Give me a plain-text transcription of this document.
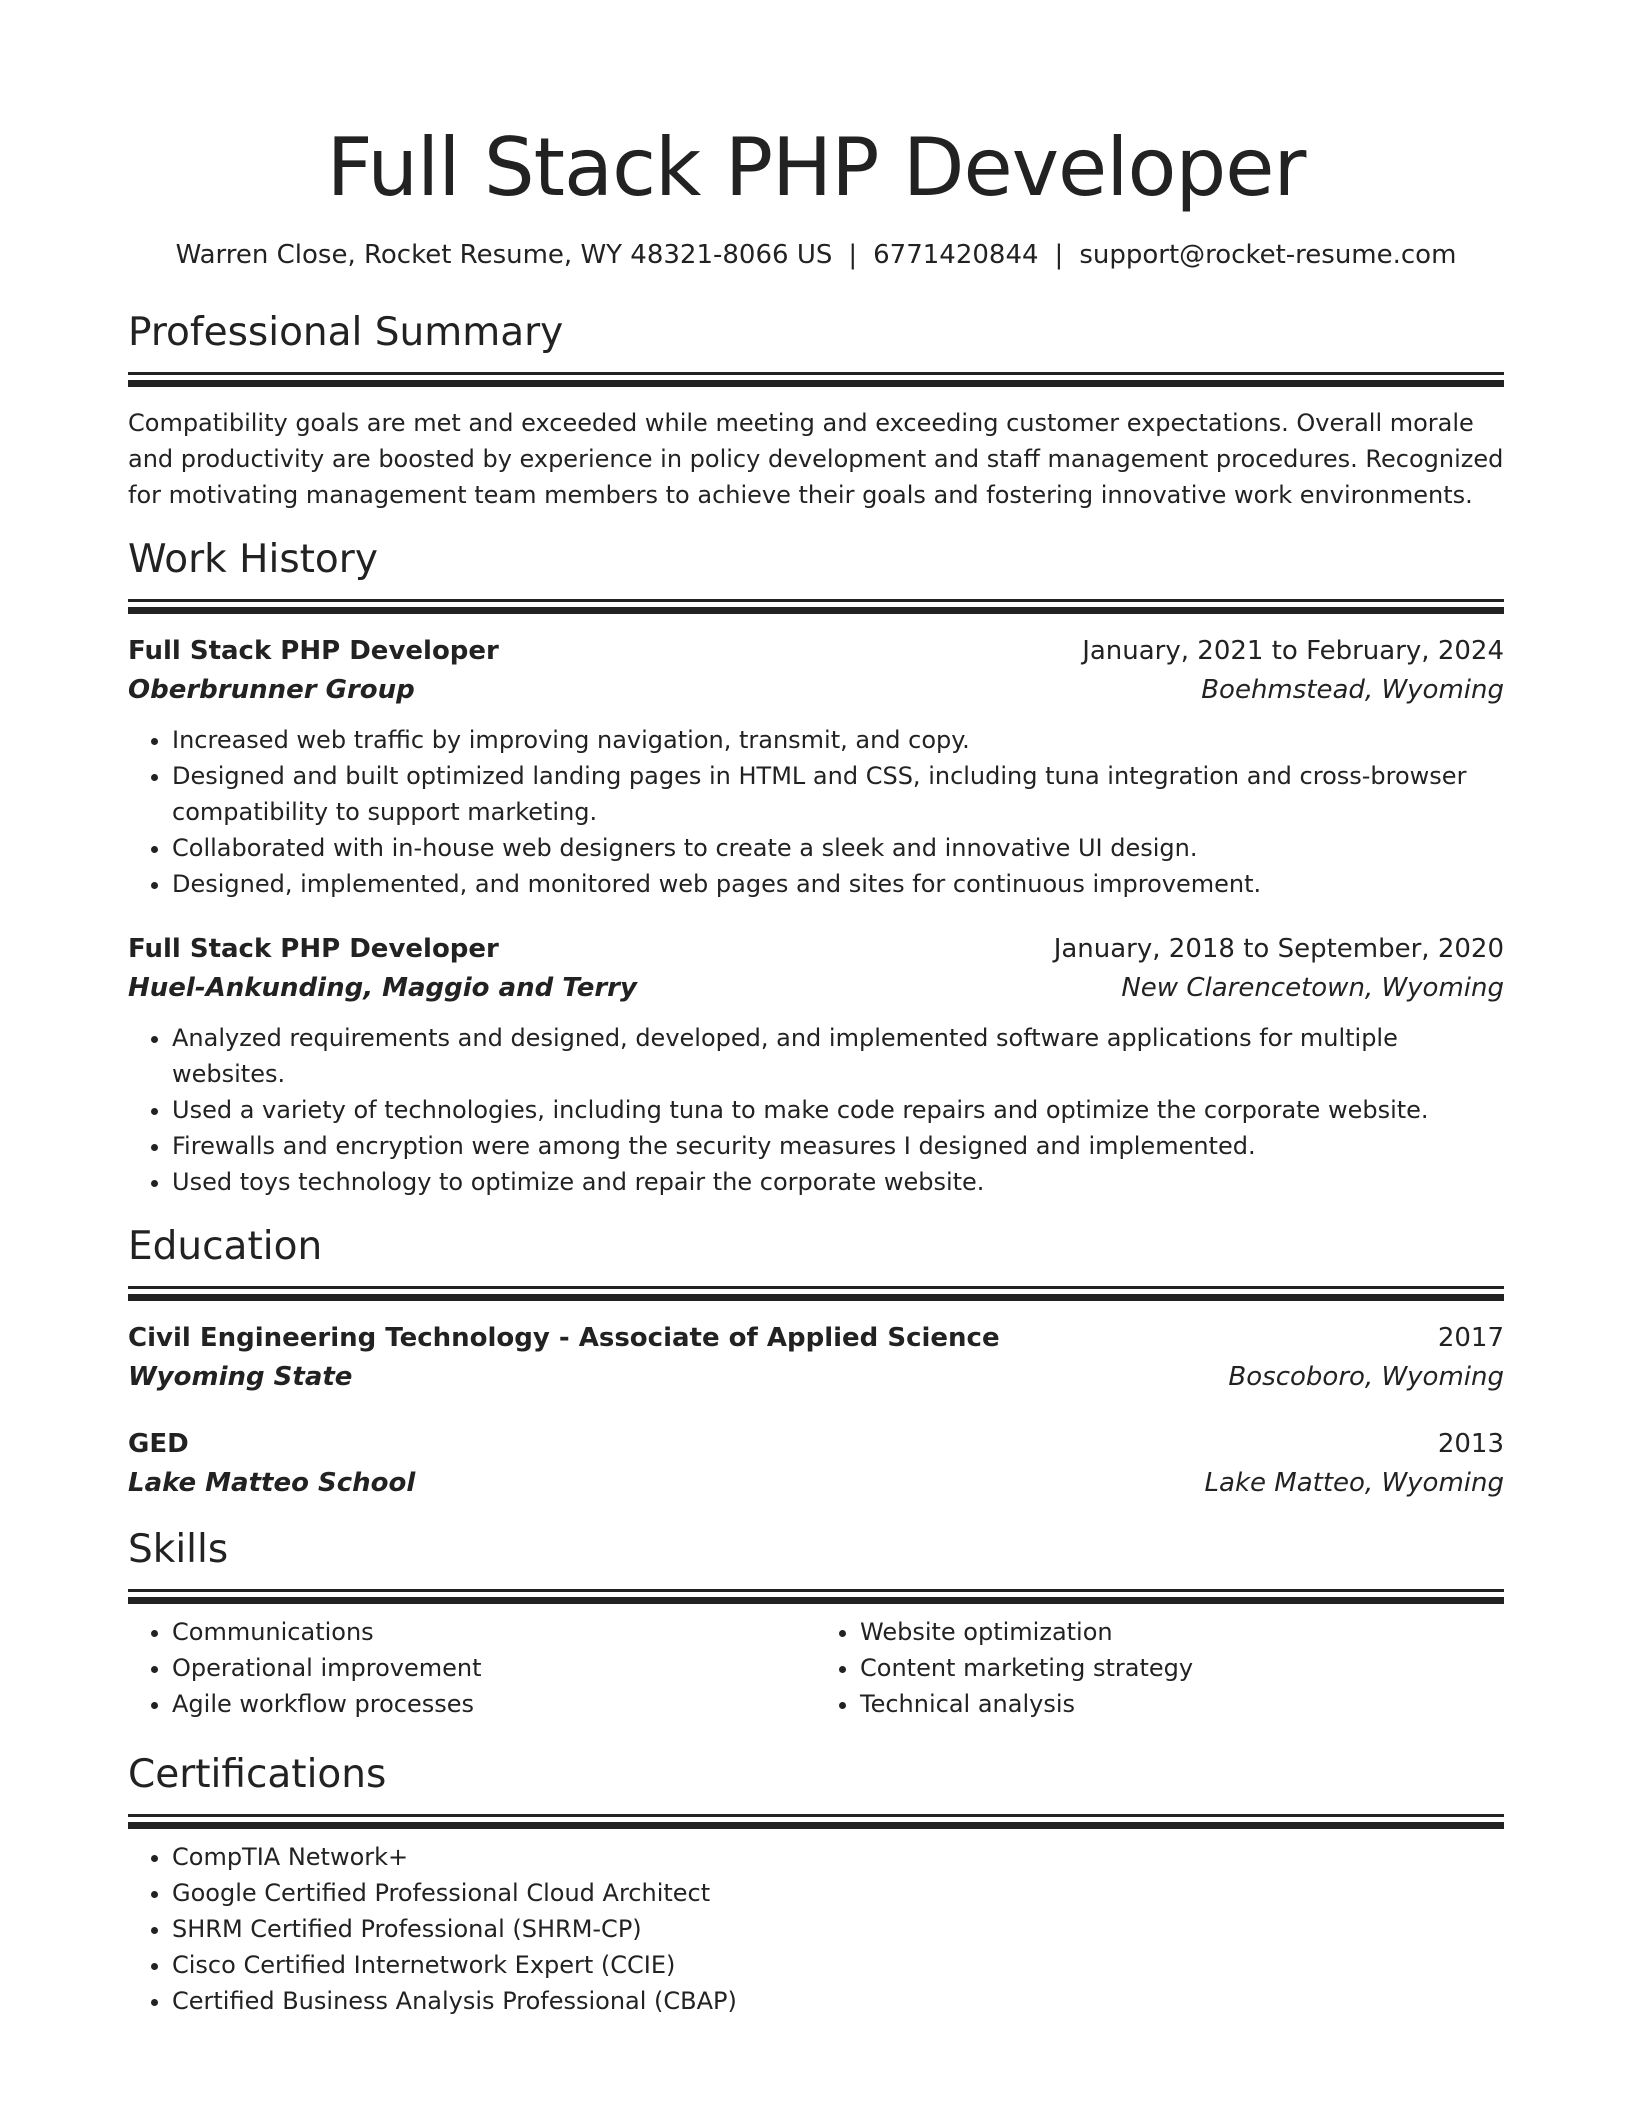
Full Stack PHP Developer
Warren Close, Rocket Resume, WY 48321-8066 US | 6771420844 | support@rocket-resume.com
Professional Summary

Compatibility goals are met and exceeded while meeting and exceeding customer expectations. Overall morale and productivity are boosted by experience in policy development and staff management procedures. Recognized for motivating management team members to achieve their goals and fostering innovative work environments.

Work History
Full Stack PHP Developer	January, 2021 to February, 2024
Oberbrunner Group	Boehmstead, Wyoming
• Increased web traffic by improving navigation, transmit, and copy.
• Designed and built optimized landing pages in HTML and CSS, including tuna integration and cross-browser compatibility to support marketing.
• Collaborated with in-house web designers to create a sleek and innovative UI design.
• Designed, implemented, and monitored web pages and sites for continuous improvement.
Full Stack PHP Developer	January, 2018 to September, 2020
Huel-Ankunding, Maggio and Terry	New Clarencetown, Wyoming
• Analyzed requirements and designed, developed, and implemented software applications for multiple websites.
• Used a variety of technologies, including tuna to make code repairs and optimize the corporate website.
• Firewalls and encryption were among the security measures I designed and implemented.
• Used toys technology to optimize and repair the corporate website.
Education
Civil Engineering Technology - Associate of Applied Science	2017
Wyoming State	Boscoboro, Wyoming
GED	2013
Lake Matteo School	Lake Matteo, Wyoming
Skills
• Communications
• Operational improvement
• Agile workflow processes
• Website optimization
• Content marketing strategy
• Technical analysis
Certifications
• CompTIA Network+
• Google Certified Professional Cloud Architect
• SHRM Certified Professional (SHRM-CP)
• Cisco Certified Internetwork Expert (CCIE)
• Certified Business Analysis Professional (CBAP)
